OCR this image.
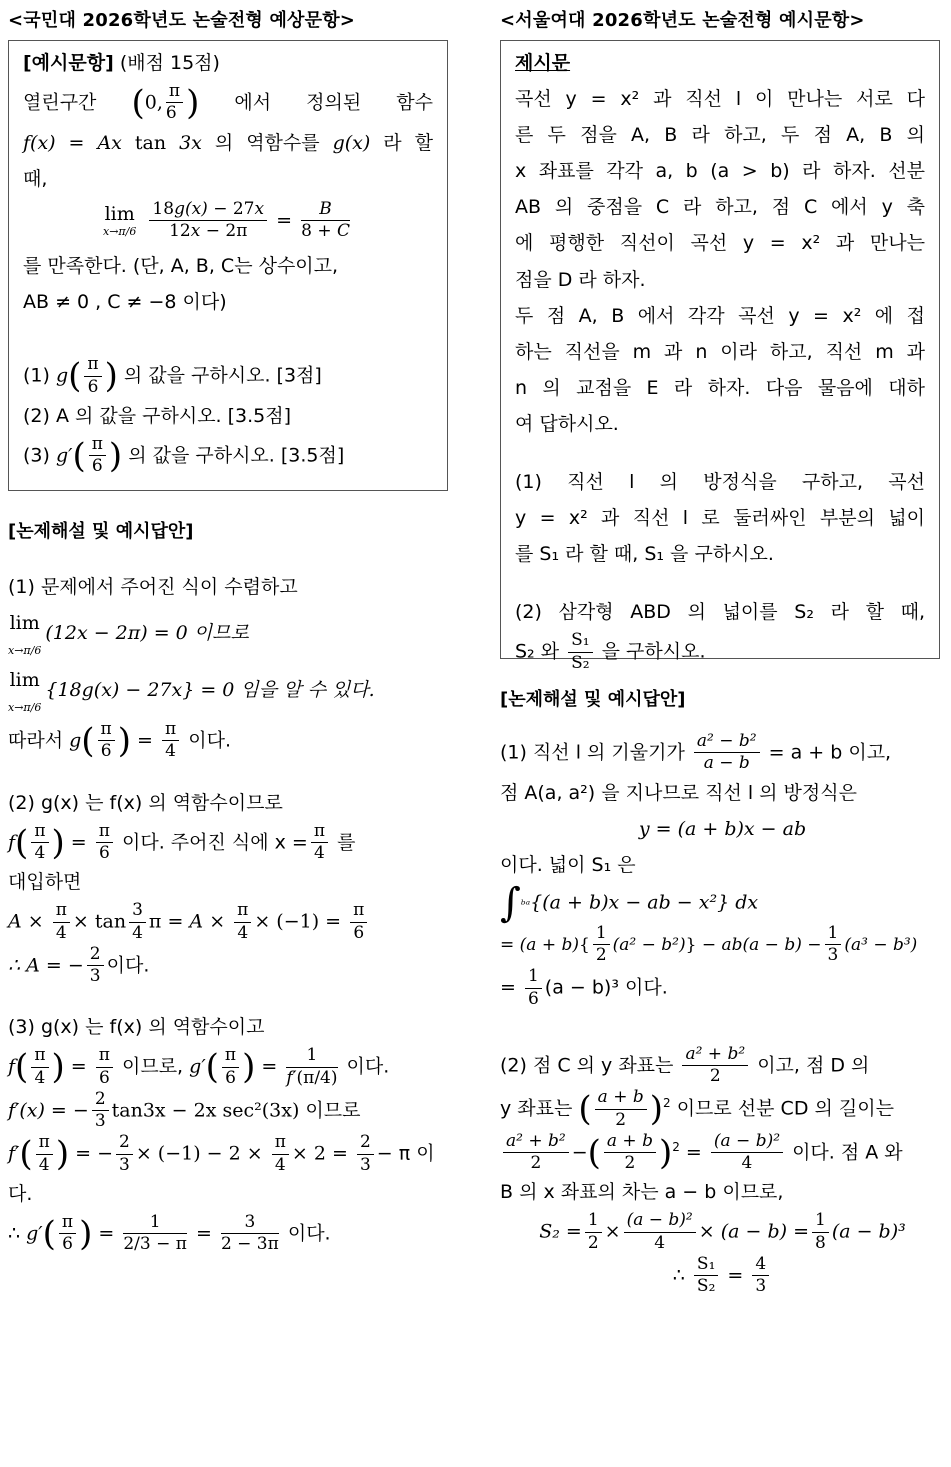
<국민대 2026학년도 논술전형 예상문항>
[예시문항] (배점 15점)
열린구간 (0, $\frac{\pi}{6}$ ) 에서 정의된 함수
f(x) = Ax tan 3x 의 역함수를 g(x) 라 할
때,
lim
x→π/6
$\frac{18g(x) - 27x}{12x - 2\pi} = \frac{B}{8 + C}$
를 만족한다. (단, A, B, C는 상수이고,
AB ≠ 0 , C ≠ −8 이다)
(1) $g( \frac{\pi}{6}$ ) 의 값을 구하시오. [3점]
(2) A 의 값을 구하시오. [3.5점]
(3) $g'( \frac{\pi}{6}$ ) 의 값을 구하시오. [3.5점]
[논제해설 및 예시답안]
(1) 문제에서 주어진 식이 수렴하고
lim
x→π/6
(12x − 2π) = 0 이므로
lim
x→π/6
{18g(x) − 27x} = 0 임을 알 수 있다.
따라서 $g( \frac{\pi}{6}$ ) = $\frac{\pi}{4}$ 이다.
(2) g(x) 는 f(x) 의 역함수이므로
$f( \frac{\pi}{4}$ ) = $\frac{\pi}{6}$ 이다. 주어진 식에 $x = \frac{\pi}{4}$ 를
대입하면
$A \times \frac{\pi}{4} \times \tan \frac{3}{4}$ $\pi = A \times \frac{\pi}{4} \times (-1) = \frac{\pi}{6}$
∴ A = − $\frac{2}{3}$ 이다.
(3) g(x) 는 f(x) 의 역함수이고
$f( \frac{\pi}{4}$ ) = $\frac{\pi}{6}$ 이므로, $g'( \frac{\pi}{6}$ ) = $\frac{1}{f'(\pi/4)}$ 이다.
f′(x) = − $\frac{2}{3} \tan 3x - 2x$ sec²(3x) 이므로
$f'( \frac{\pi}{4}$ ) = − $\frac{2}{3} \times (-1) - 2 \times \frac{\pi}{4} \times 2 = \frac{2}{3} - \pi$ 이
다.
∴ $g'( \frac{\pi}{6}$ ) = $\frac{1}{2/3 - \pi} = \frac{3}{2 - 3\pi}$ 이다.
<서울여대 2026학년도 논술전형 예시문항>
제시문
곡선 y = x² 과 직선 l 이 만나는 서로 다
른 두 점을 A, B 라 하고, 두 점 A, B 의
x 좌표를 각각 a, b (a > b) 라 하자. 선분
AB 의 중점을 C 라 하고, 점 C 에서 y 축
에 평행한 직선이 곡선 y = x² 과 만나는
점을 D 라 하자.
두 점 A, B 에서 각각 곡선 y = x² 에 접
하는 직선을 m 과 n 이라 하고, 직선 m 과
n 의 교점을 E 라 하자. 다음 물음에 대하
여 답하시오.
(1) 직선 l 의 방정식을 구하고, 곡선
y = x² 과 직선 l 로 둘러싸인 부분의 넓이
를 S₁ 라 할 때, S₁ 을 구하시오.
(2) 삼각형 ABD 의 넓이를 S₂ 라 할 때,
S₂ 와 $\frac{\text{S₁}}{\text{S₂}}$ 을 구하시오.
[논제해설 및 예시답안]
(1) 직선 l 의 기울기가 $\frac{\text{a² − b²}}{a - b} = a + b$ 이고,
점 A(a, a²) 을 지나므로 직선 l 의 방정식은
y = (a + b)x − ab
이다. 넓이 S₁ 은
∫ᵇᵃ{(a + b)x − ab − x²} dx
= $(a + b)\{ \frac{1}{2} (a^2 - b^2)\} - ab(a - b) - \frac{1}{3} (a^3 - b^3)$
= $\frac{1}{6} (a - b)^3$ 이다.
(2) 점 C 의 y 좌표는 $\frac{\text{a² + b²}}{2}$ 이고, 점 D 의
y 좌표는 ( $\frac{a + b}{2} )^2$ 이므로 선분 CD 의 길이는
$\frac{\text{a² + b²}}{2}$ −( $\frac{a + b}{2} )^2 = \frac{\text{(a − b)²}}{4}$ 이다. 점 A 와
B 의 x 좌표의 차는 a − b 이므로,
$S_2 = \frac{1}{2} \times \frac{\text{(a − b)²}}{4} \times (a - b) = \frac{1}{8} (a - b)^3$
∴ $\frac{\text{S₁}}{\text{S₂}} = \frac{4}{3}$
